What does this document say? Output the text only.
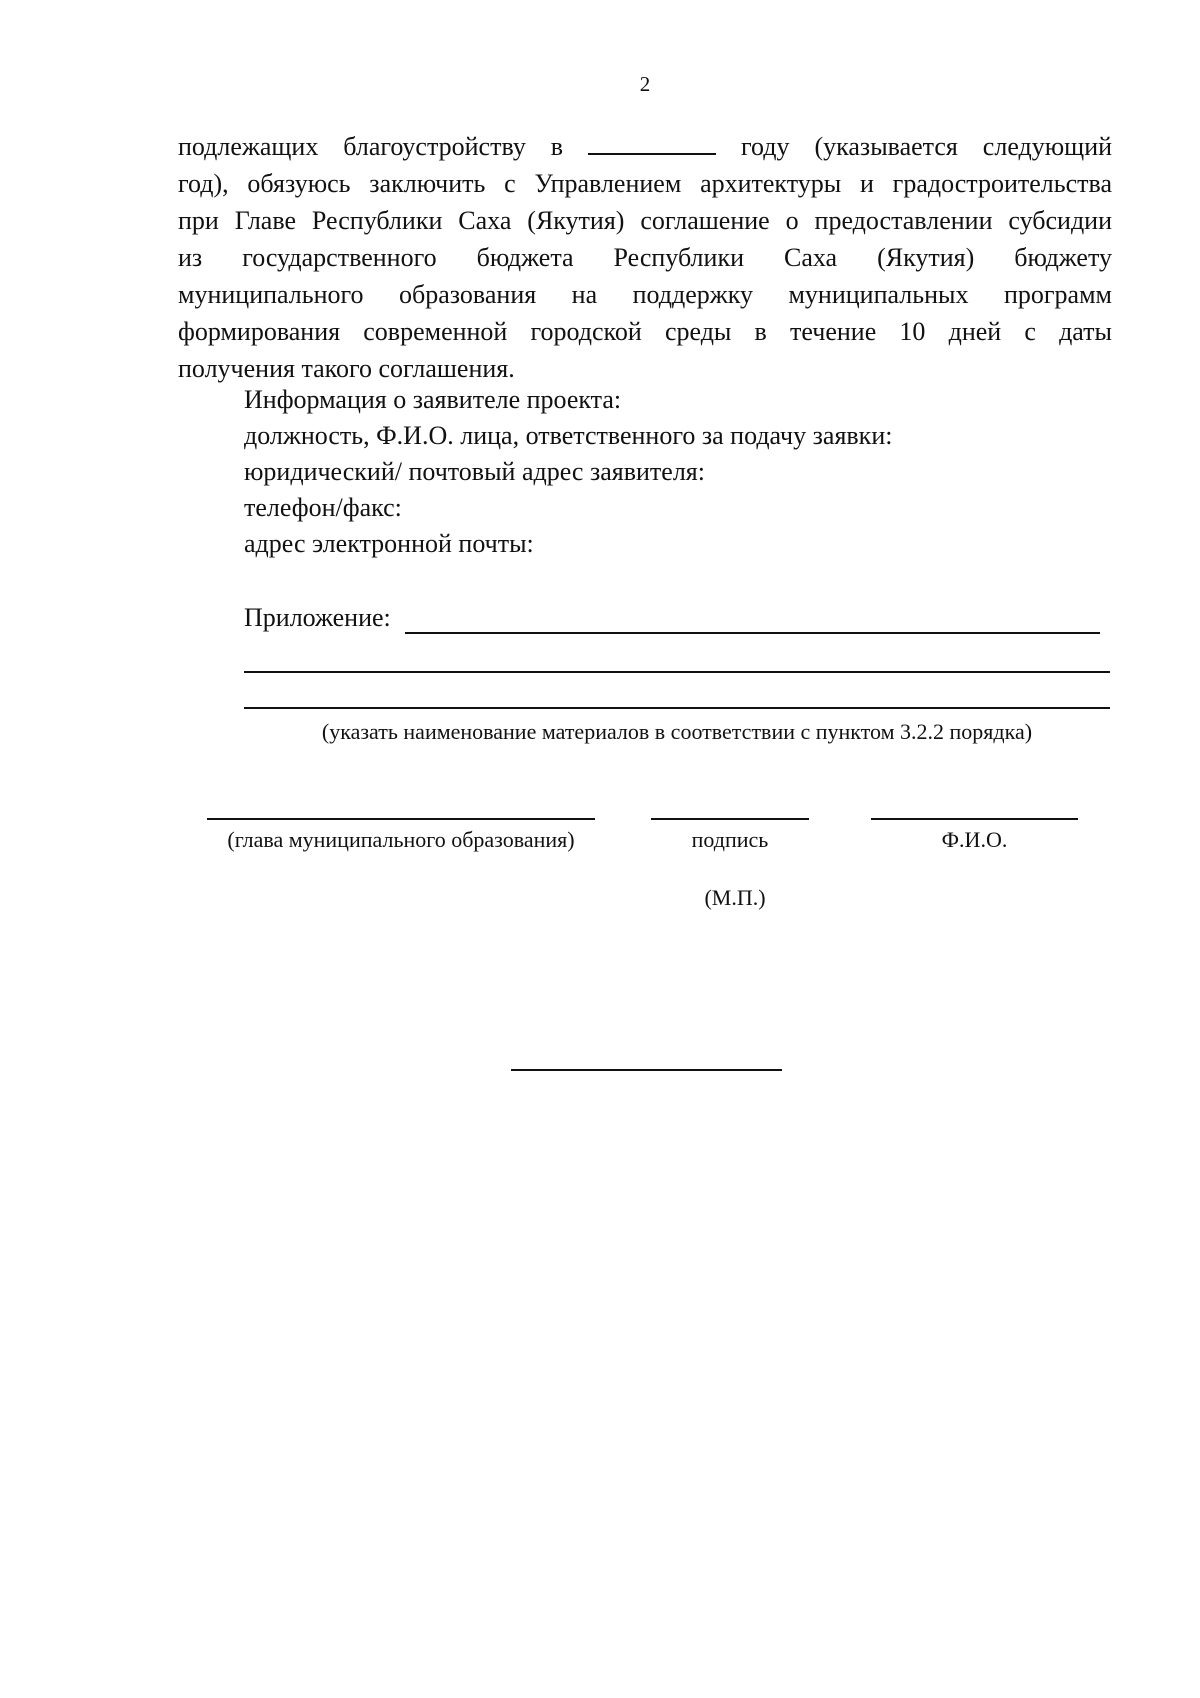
2
подлежащих благоустройству в	году (указывается следующий
год), обязуюсь заключить с Управлением архитектуры и градостроительства
при Главе Республики Саха (Якутия) соглашение о предоставлении субсидии
из государственного бюджета Республики Саха (Якутия) бюджету
муниципального образования на поддержку муниципальных программ
формирования современной городской среды в течение 10 дней с даты
получения такого соглашения.
Информация о заявителе проекта:
должность, Ф.И.О. лица, ответственного за подачу заявки:
юридический/ почтовый адрес заявителя:
телефон/факс:
адрес электронной почты:
Приложение:
(указать наименование материалов в соответствии с пунктом 3.2.2 порядка)
(глава муниципального образования)	подпись	Ф.И.О.
(М.П.)
